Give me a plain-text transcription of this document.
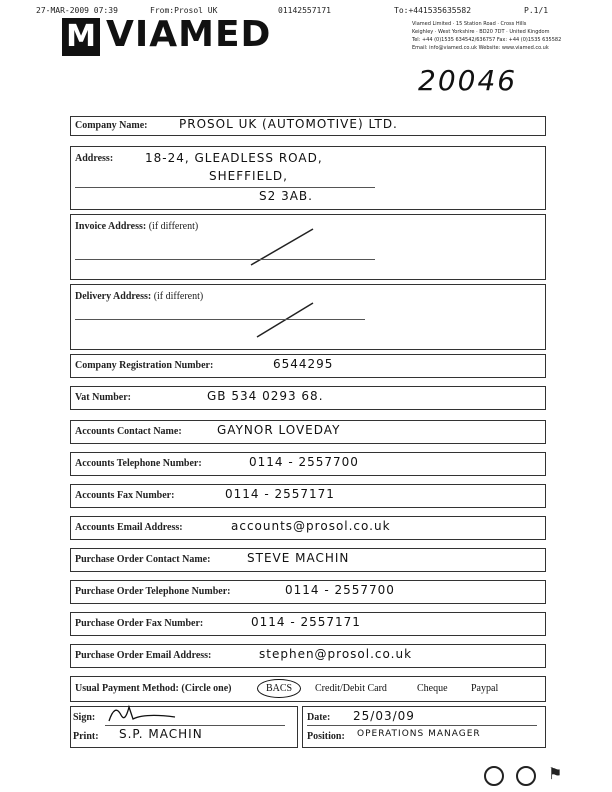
27-MAR-2009 07:39	From:Prosol UK	01142557171	To:+441535635582	P.1/1
M VIAMED	Viamed Limited · 15 Station Road · Cross Hills
Keighley · West Yorkshire · BD20 7DT · United Kingdom
Tel: +44 (0)1535 634542/636757 Fax: +44 (0)1535 635582
Email: info@viamed.co.uk Website: www.viamed.co.uk
20046
Company Name:	PROSOL UK (AUTOMOTIVE) LTD.
Address:	18-24, GLEADLESS ROAD,
SHEFFIELD,
S2 3AB.
Invoice Address: (if different)
Delivery Address: (if different)
Company Registration Number:	6544295
Vat Number:	GB 534 0293 68.
Accounts Contact Name:	GAYNOR LOVEDAY
Accounts Telephone Number:	0114 - 2557700
Accounts Fax Number:	0114 - 2557171
Accounts Email Address:	accounts@prosol.co.uk
Purchase Order Contact Name:	STEVE MACHIN
Purchase Order Telephone Number:	0114 - 2557700
Purchase Order Fax Number:	0114 - 2557171
Purchase Order Email Address:	stephen@prosol.co.uk
Usual Payment Method: (Circle one)	BACS	Credit/Debit Card	Cheque Paypal
Sign:
Print: S.P. MACHIN
Date: 25/03/09
Position: OPERATIONS MANAGER
⚑
